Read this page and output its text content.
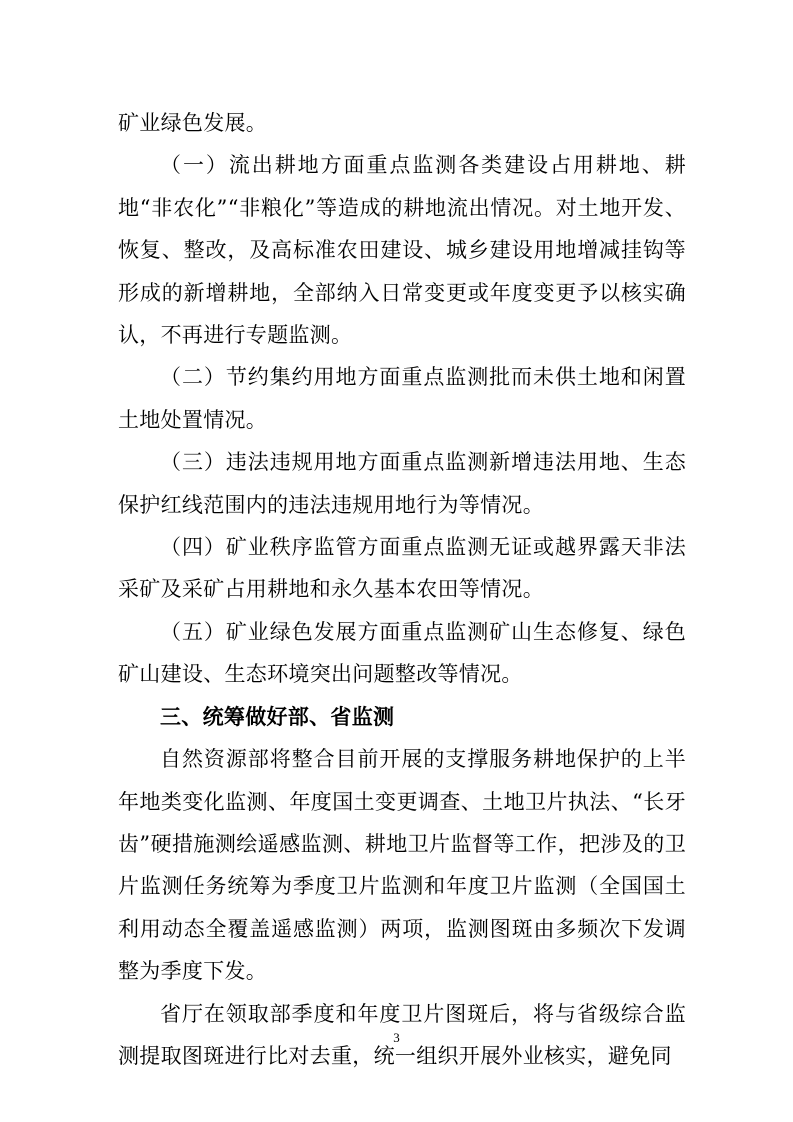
矿业绿色发展。

（一）流出耕地方面重点监测各类建设占用耕地、耕地“非农化”“非粮化”等造成的耕地流出情况。对土地开发、恢复、整改，及高标准农田建设、城乡建设用地增减挂钩等形成的新增耕地，全部纳入日常变更或年度变更予以核实确认，不再进行专题监测。

（二）节约集约用地方面重点监测批而未供土地和闲置土地处置情况。

（三）违法违规用地方面重点监测新增违法用地、生态保护红线范围内的违法违规用地行为等情况。

（四）矿业秩序监管方面重点监测无证或越界露天非法采矿及采矿占用耕地和永久基本农田等情况。

（五）矿业绿色发展方面重点监测矿山生态修复、绿色矿山建设、生态环境突出问题整改等情况。

三、统筹做好部、省监测

自然资源部将整合目前开展的支撑服务耕地保护的上半年地类变化监测、年度国土变更调查、土地卫片执法、“长牙齿”硬措施测绘遥感监测、耕地卫片监督等工作，把涉及的卫片监测任务统筹为季度卫片监测和年度卫片监测（全国国土利用动态全覆盖遥感监测）两项，监测图斑由多频次下发调整为季度下发。

省厅在领取部季度和年度卫片图斑后，将与省级综合监测提取图斑进行比对去重，统一组织开展外业核实，避免同

3
